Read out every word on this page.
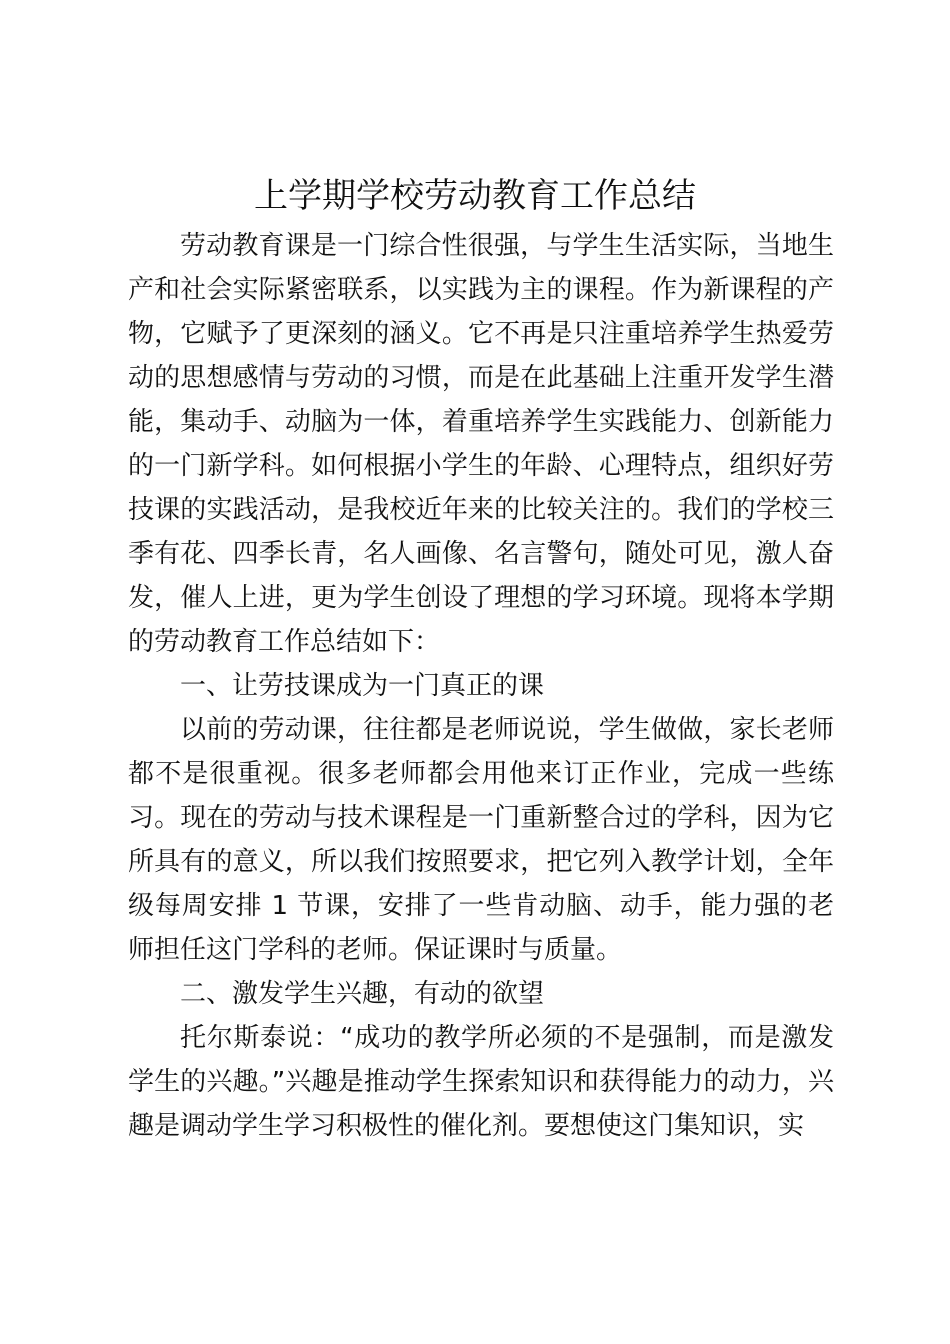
上学期学校劳动教育工作总结

劳动教育课是一门综合性很强，与学生生活实际，当地生产和社会实际紧密联系，以实践为主的课程。作为新课程的产物，它赋予了更深刻的涵义。它不再是只注重培养学生热爱劳动的思想感情与劳动的习惯，而是在此基础上注重开发学生潜能，集动手、动脑为一体，着重培养学生实践能力、创新能力的一门新学科。如何根据小学生的年龄、心理特点，组织好劳技课的实践活动，是我校近年来的比较关注的。我们的学校三季有花、四季长青，名人画像、名言警句，随处可见，激人奋发，催人上进，更为学生创设了理想的学习环境。现将本学期的劳动教育工作总结如下：

一、让劳技课成为一门真正的课

以前的劳动课，往往都是老师说说，学生做做，家长老师都不是很重视。很多老师都会用他来订正作业，完成一些练习。现在的劳动与技术课程是一门重新整合过的学科，因为它所具有的意义，所以我们按照要求，把它列入教学计划，全年级每周安排 1 节课，安排了一些肯动脑、动手，能力强的老师担任这门学科的老师。保证课时与质量。

二、激发学生兴趣，有动的欲望

托尔斯泰说：“成功的教学所必须的不是强制，而是激发学生的兴趣。”兴趣是推动学生探索知识和获得能力的动力，兴趣是调动学生学习积极性的催化剂。要想使这门集知识，实
